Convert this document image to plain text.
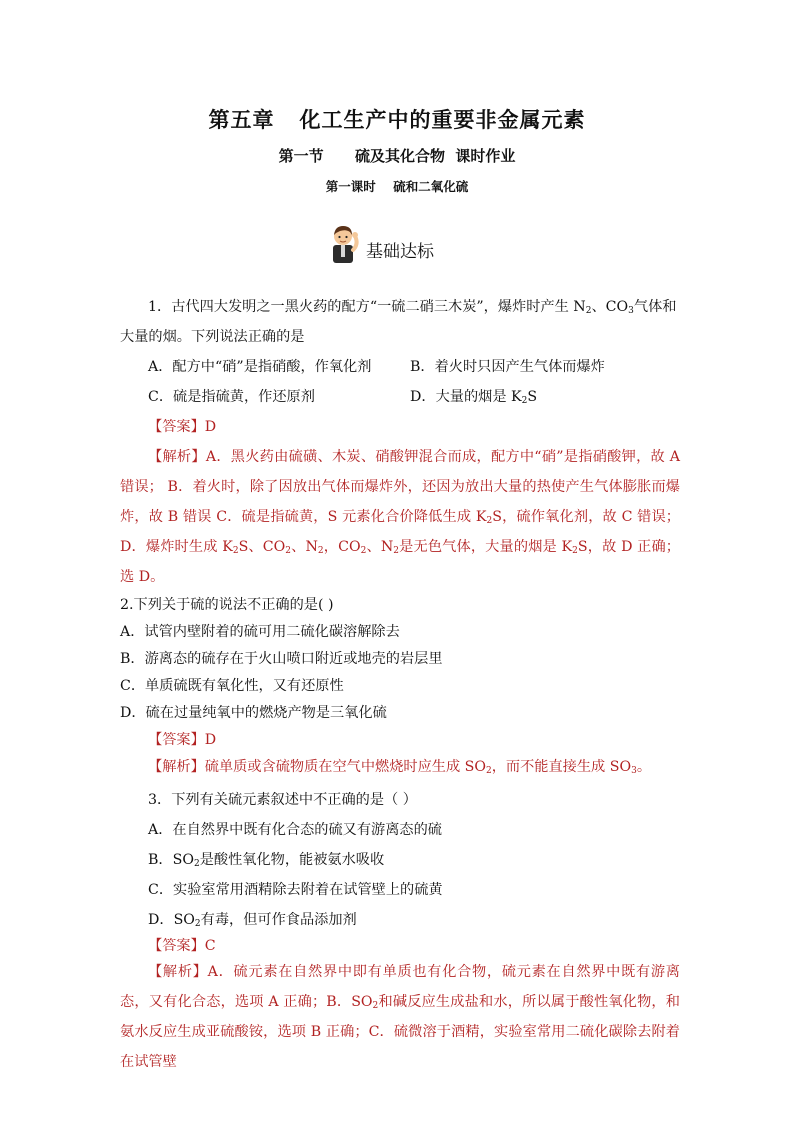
第五章   化工生产中的重要非金属元素
第一节      硫及其化合物  课时作业
第一课时    硫和二氧化硫
基础达标

1．古代四大发明之一黑火药的配方“一硫二硝三木炭”，爆炸时产生 $N_2$、$CO_3$气体和大量的烟。下列说法正确的是

A．配方中“硝”是指硝酸，作氧化剂	B．着火时只因产生气体而爆炸
C．硫是指硫黄，作还原剂	D．大量的烟是 $K_2S$
【答案】D

【解析】A．黑火药由硫磺、木炭、硝酸钾混合而成，配方中“硝”是指硝酸钾，故 A 错误； B．着火时，除了因放出气体而爆炸外，还因为放出大量的热使产生气体膨胀而爆炸，故 B 错误 C．硫是指硫黄，S 元素化合价降低生成 $K_2S$，硫作氧化剂，故 C 错误；D．爆炸时生成 $K_2S$、$CO_2$、$N_2$，$CO_2$、$N_2$是无色气体，大量的烟是 $K_2S$，故 D 正确；选 D。

2.下列关于硫的说法不正确的是( )
A．试管内壁附着的硫可用二硫化碳溶解除去
B．游离态的硫存在于火山喷口附近或地壳的岩层里
C．单质硫既有氧化性，又有还原性
D．硫在过量纯氧中的燃烧产物是三氧化硫
【答案】D
【解析】硫单质或含硫物质在空气中燃烧时应生成 $SO_2$，而不能直接生成 $SO_3$。
3．下列有关硫元素叙述中不正确的是（ ）
A．在自然界中既有化合态的硫又有游离态的硫
B．$SO_2$是酸性氧化物，能被氨水吸收
C．实验室常用酒精除去附着在试管壁上的硫黄
D．$SO_2$有毒，但可作食品添加剂
【答案】C

【解析】A．硫元素在自然界中即有单质也有化合物，硫元素在自然界中既有游离态，又有化合态，选项 A 正确；B．$SO_2$和碱反应生成盐和水，所以属于酸性氧化物，和氨水反应生成亚硫酸铵，选项 B 正确；C．硫微溶于酒精，实验室常用二硫化碳除去附着在试管壁
